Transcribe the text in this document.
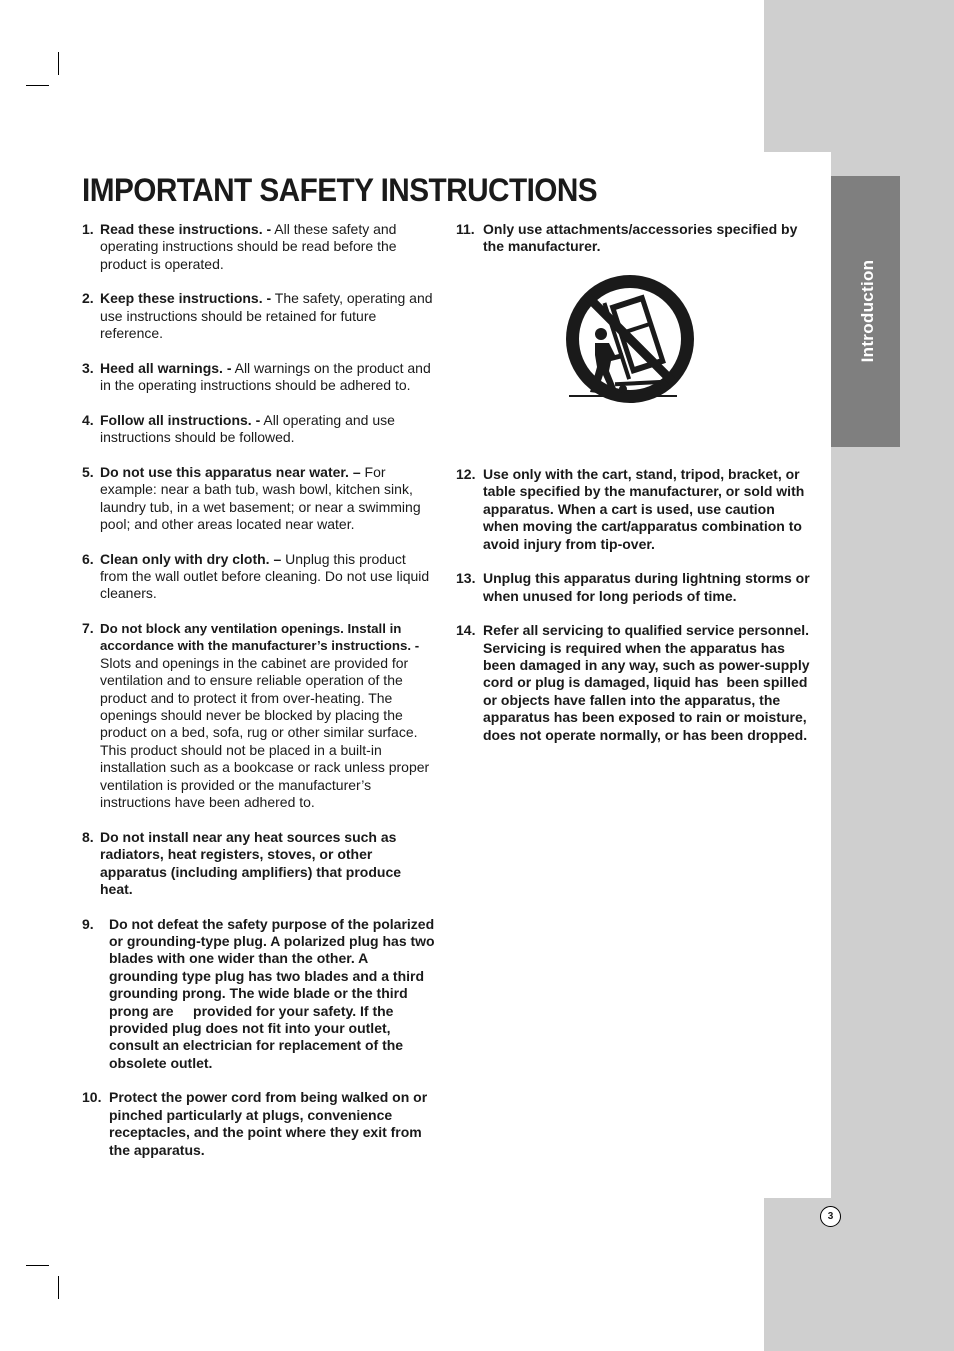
Introduction
IMPORTANT SAFETY INSTRUCTIONS
1. Read these instructions. - All these safety and operating instructions should be read before the product is operated.
2. Keep these instructions. - The safety, operating and use instructions should be retained for future reference.
3. Heed all warnings. - All warnings on the product and in the operating instructions should be adhered to.
4. Follow all instructions. - All operating and use instructions should be followed.
5. Do not use this apparatus near water. – For example: near a bath tub, wash bowl, kitchen sink, laundry tub, in a wet basement; or near a swimming pool; and other areas located near water.
6. Clean only with dry cloth. – Unplug this product from the wall outlet before cleaning. Do not use liquid cleaners.
7. Do not block any ventilation openings. Install in accordance with the manufacturer’s instructions. - Slots and openings in the cabinet are provided for ventilation and to ensure reliable operation of the product and to protect it from over-heating. The openings should never be blocked by placing the product on a bed, sofa, rug or other similar surface. This product should not be placed in a built-in installation such as a bookcase or rack unless proper ventilation is provided or the manufacturer’s instructions have been adhered to.
8. Do not install near any heat sources such as radiators, heat registers, stoves, or other apparatus (including amplifiers) that produce heat.
9. Do not defeat the safety purpose of the polarized or grounding-type plug. A polarized plug has two blades with one wider than the other. A grounding type plug has two blades and a third grounding prong. The wide blade or the third prong are     provided for your safety. If the provided plug does not fit into your outlet, consult an electrician for replacement of the obsolete outlet.
10. Protect the power cord from being walked on or pinched particularly at plugs, convenience receptacles, and the point where they exit from the apparatus.
11. Only use attachments/accessories specified by the manufacturer.
12. Use only with the cart, stand, tripod, bracket, or table specified by the manufacturer, or sold with apparatus. When a cart is used, use caution when moving the cart/apparatus combination to avoid injury from tip-over.
13. Unplug this apparatus during lightning storms or when unused for long periods of time.
14. Refer all servicing to qualified service personnel. Servicing is required when the apparatus has been damaged in any way, such as power-supply cord or plug is damaged, liquid has  been spilled or objects have fallen into the apparatus, the apparatus has been exposed to rain or moisture, does not operate normally, or has been dropped.
3
